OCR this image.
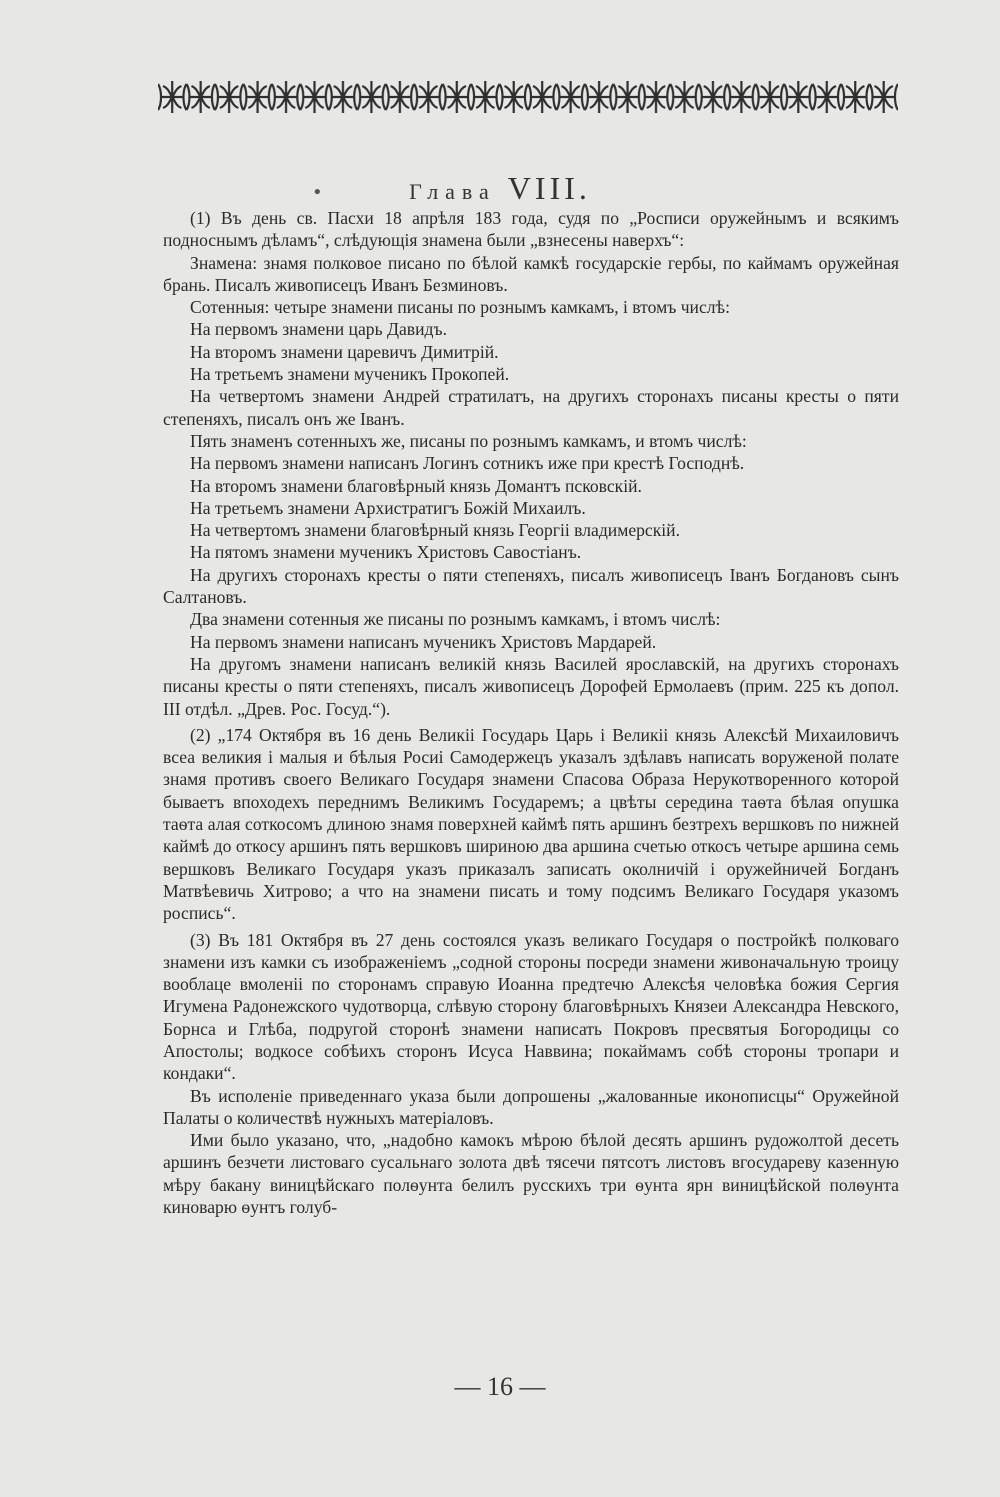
•	Глава VIII.

(1) Въ день св. Пасхи 18 апрѣля 183 года, судя по „Росписи оружейнымъ и всякимъ подноснымъ дѣламъ“, слѣдующія знамена были „взнесены наверхъ“:

Знамена: знамя полковое писано по бѣлой камкѣ государскіе гербы, по каймамъ оружейная брань. Писалъ живописецъ Иванъ Безминовъ.

Сотенныя: четыре знамени писаны по рознымъ камкамъ, і втомъ числѣ:

На первомъ знамени царь Давидъ.

На второмъ знамени царевичъ Димитрій.

На третьемъ знамени мученикъ Прокопей.

На четвертомъ знамени Андрей стратилатъ, на другихъ сторонахъ писаны кресты о пяти степеняхъ, писалъ онъ же Іванъ.

Пять знаменъ сотенныхъ же, писаны по рознымъ камкамъ, и втомъ числѣ:

На первомъ знамени написанъ Логинъ сотникъ иже при крестѣ Господнѣ.

На второмъ знамени благовѣрный князь Домантъ псковскій.

На третьемъ знамени Архистратигъ Божій Михаилъ.

На четвертомъ знамени благовѣрный князь Георгіі владимерскій.

На пятомъ знамени мученикъ Христовъ Савостіанъ.

На другихъ сторонахъ кресты о пяти степеняхъ, писалъ живописецъ Іванъ Богдановъ сынъ Салтановъ.

Два знамени сотенныя же писаны по рознымъ камкамъ, і втомъ числѣ:

На первомъ знамени написанъ мученикъ Христовъ Мардарей.

На другомъ знамени написанъ великій князь Василей ярославскій, на другихъ сторонахъ писаны кресты о пяти степеняхъ, писалъ живописецъ Дорофей Ермолаевъ (прим. 225 къ допол. III отдѣл. „Древ. Рос. Госуд.“).

(2) „174 Октября въ 16 день Великіі Государь Царь і Великіі князь Алексѣй Михаиловичъ всеа великия і малыя и бѣлыя Росиі Самодержецъ указалъ здѣлавъ написать воруженой полате знамя противъ своего Великаго Государя знамени Спасова Образа Нерукотворенного которой бываетъ впоходехъ переднимъ Великимъ Государемъ; а цвѣты середина таѳта бѣлая опушка таѳта алая соткосомъ длиною знамя поверхней каймѣ пять аршинъ безтрехъ вершковъ по нижней каймѣ до откосу аршинъ пять вершковъ шириною два аршина счетью откосъ четыре аршина семь вершковъ Великаго Государя указъ приказалъ записать околничій і оружейничей Богданъ Матвѣевичь Хитрово; а что на знамени писать и тому подсимъ Великаго Государя указомъ роспись“.

(3) Въ 181 Октября въ 27 день состоялся указъ великаго Государя о постройкѣ полковаго знамени изъ камки съ изображеніемъ „содной стороны посреди знамени живоначальную троицу вооблаце вмоленіі по сторонамъ справую Иоанна предтечю Алексѣя человѣка божия Сергия Игумена Радонежского чудотворца, слѣвую сторону благовѣрныхъ Князеи Александра Невского, Борнса и Глѣба, подругой сторонѣ знамени написать Покровъ пресвятыя Богородицы со Апостолы; водкосе собѣихъ сторонъ Исуса Наввина; покаймамъ собѣ стороны тропари и кондаки“.

Въ исполеніе приведеннаго указа были допрошены „жалованные иконописцы“ Оружейной Палаты о количествѣ нужныхъ матеріаловъ.

Ими было указано, что, „надобно камокъ мѣрою бѣлой десять аршинъ рудожолтой десеть аршинъ безчети листоваго сусальнаго золота двѣ тясечи пятсотъ листовъ вгосудареву казенную мѣру бакану виницѣйскаго полѳунта белилъ русскихъ три ѳунта ярн виницѣйской полѳунта киноварю ѳунтъ голуб-

— 16 —
